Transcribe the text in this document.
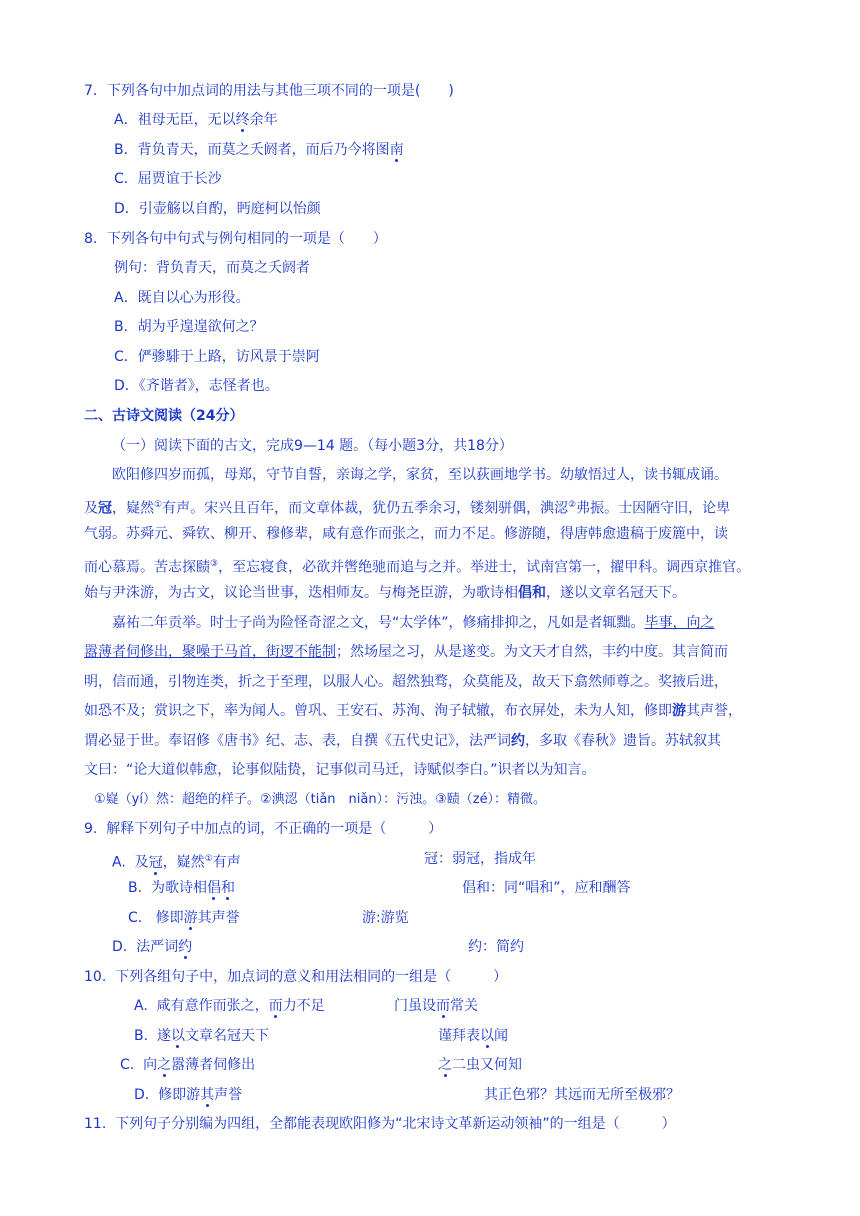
7．下列各句中加点词的用法与其他三项不同的一项是(　　)
A．祖母无臣，无以终余年
B．背负青天，而莫之夭阏者，而后乃今将图南
C．屈贾谊于长沙
D．引壶觞以自酌，眄庭柯以怡颜
8．下列各句中句式与例句相同的一项是（　　）
例句：背负青天，而莫之夭阏者
A．既自以心为形役。
B．胡为乎遑遑欲何之？
C．俨骖騑于上路，访风景于崇阿
D．《齐谐者》，志怪者也。
二、古诗文阅读（24分）
（一）阅读下面的古文，完成9—14 题。（每小题3分，共18分）
欧阳修四岁而孤，母郑，守节自誓，亲诲之学，家贫，至以荻画地学书。幼敏悟过人，读书辄成诵。
及冠，嶷然①有声。宋兴且百年，而文章体裁，犹仍五季余习，镂刻骈偶，淟涊②弗振。士因陋守旧，论卑
气弱。苏舜元、舜钦、柳开、穆修辈，咸有意作而张之，而力不足。修游随，得唐韩愈遗稿于废簏中，读
而心慕焉。苦志探赜③，至忘寝食，必欲并辔绝驰而追与之并。举进士，试南宫第一，擢甲科。调西京推官。
始与尹洙游，为古文，议论当世事，迭相师友。与梅尧臣游，为歌诗相倡和，遂以文章名冠天下。
嘉祐二年贡举。时士子尚为险怪奇涩之文，号“太学体”，修痛排抑之，凡如是者辄黜。毕事，向之
嚣薄者伺修出，聚噪于马首，街逻不能制；然场屋之习，从是遂变。为文天才自然，丰约中度。其言简而
明，信而通，引物连类，折之于至理，以服人心。超然独骛，众莫能及，故天下翕然师尊之。奖掖后进，
如恐不及；赏识之下，率为闻人。曾巩、王安石、苏洵、洵子轼辙，布衣屏处，未为人知，修即游其声誉，
谓必显于世。奉诏修《唐书》纪、志、表，自撰《五代史记》，法严词约，多取《春秋》遗旨。苏轼叙其
文曰：“论大道似韩愈，论事似陆贽，记事似司马迁，诗赋似李白。”识者以为知言。
①嶷（yí）然：超绝的样子。②淟涊（tiǎn　niǎn）：污浊。③赜（zé）：精微。
9.  解释下列句子中加点的词，不正确的一项是（　　　）
A.  及冠，嶷然①有声	冠：弱冠，指成年
B.  为歌诗相倡和	倡和：同“唱和”，应和酬答
C.   修即游其声誉	游:游览
D.  法严词约	约：简约
10.  下列各组句子中，加点词的意义和用法相同的一组是（　　　）
A.  咸有意作而张之，而力不足	门虽设而常关
B.  遂以文章名冠天下	谨拜表以闻
C.  向之嚣薄者伺修出	之二虫又何知
D.  修即游其声誉	其正色邪？其远而无所至极邪？
11.  下列句子分别编为四组，全都能表现欧阳修为“北宋诗文革新运动领袖”的一组是（　　　）
